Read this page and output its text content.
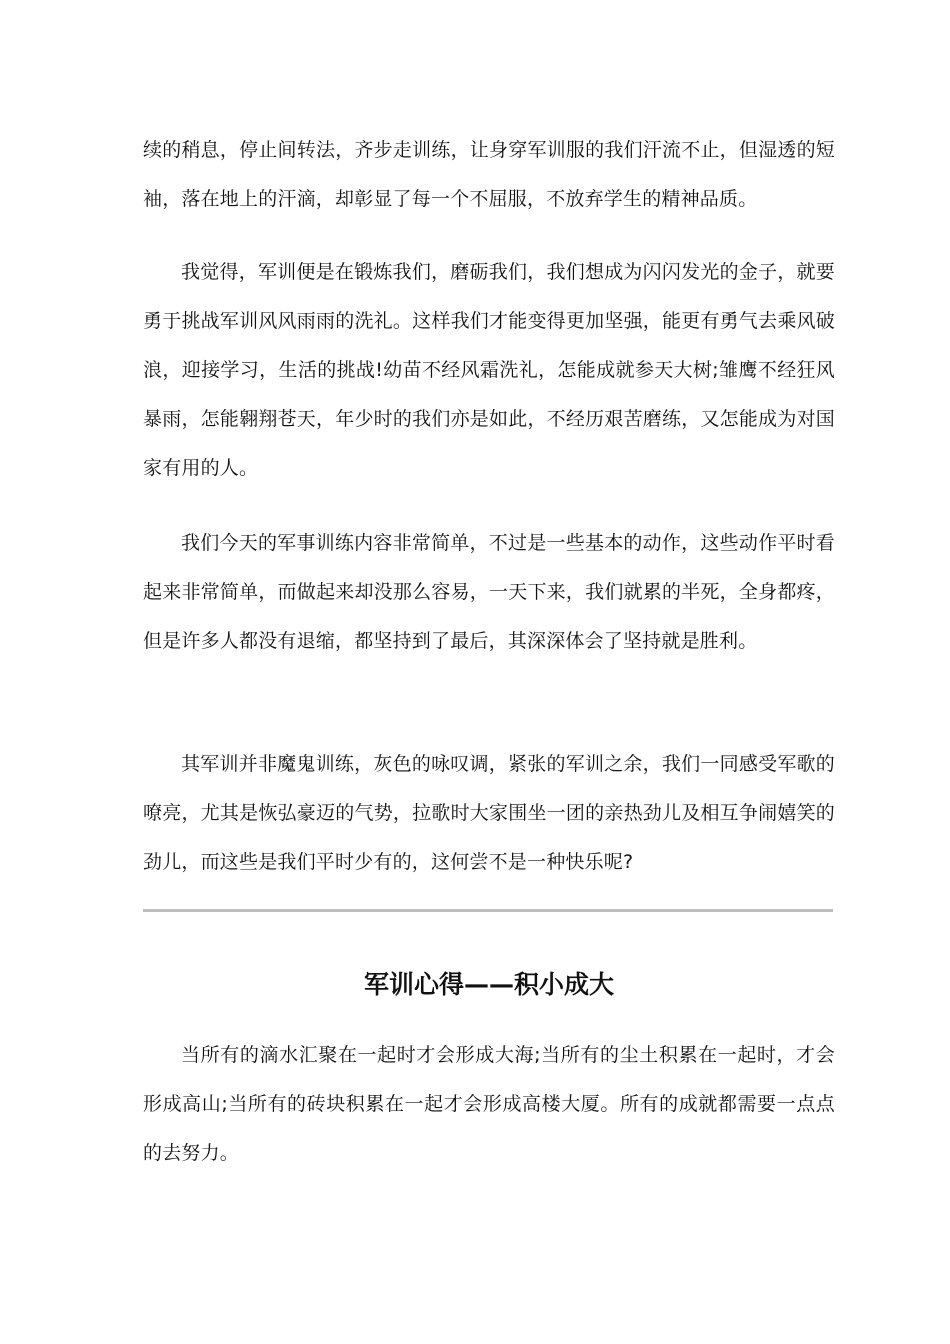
续的稍息，停止间转法，齐步走训练，让身穿军训服的我们汗流不止，但湿透的短袖，落在地上的汗滴，却彰显了每一个不屈服，不放弃学生的精神品质。

我觉得，军训便是在锻炼我们，磨砺我们，我们想成为闪闪发光的金子，就要勇于挑战军训风风雨雨的洗礼。这样我们才能变得更加坚强，能更有勇气去乘风破浪，迎接学习，生活的挑战!幼苗不经风霜洗礼，怎能成就参天大树;雏鹰不经狂风暴雨，怎能翱翔苍天，年少时的我们亦是如此，不经历艰苦磨练，又怎能成为对国家有用的人。

我们今天的军事训练内容非常简单，不过是一些基本的动作，这些动作平时看起来非常简单，而做起来却没那么容易，一天下来，我们就累的半死，全身都疼，但是许多人都没有退缩，都坚持到了最后，其深深体会了坚持就是胜利。

其军训并非魔鬼训练，灰色的咏叹调，紧张的军训之余，我们一同感受军歌的嘹亮，尤其是恢弘豪迈的气势，拉歌时大家围坐一团的亲热劲儿及相互争闹嬉笑的劲儿，而这些是我们平时少有的，这何尝不是一种快乐呢?

军训心得——积小成大

当所有的滴水汇聚在一起时才会形成大海;当所有的尘土积累在一起时，才会形成高山;当所有的砖块积累在一起才会形成高楼大厦。所有的成就都需要一点点的去努力。
